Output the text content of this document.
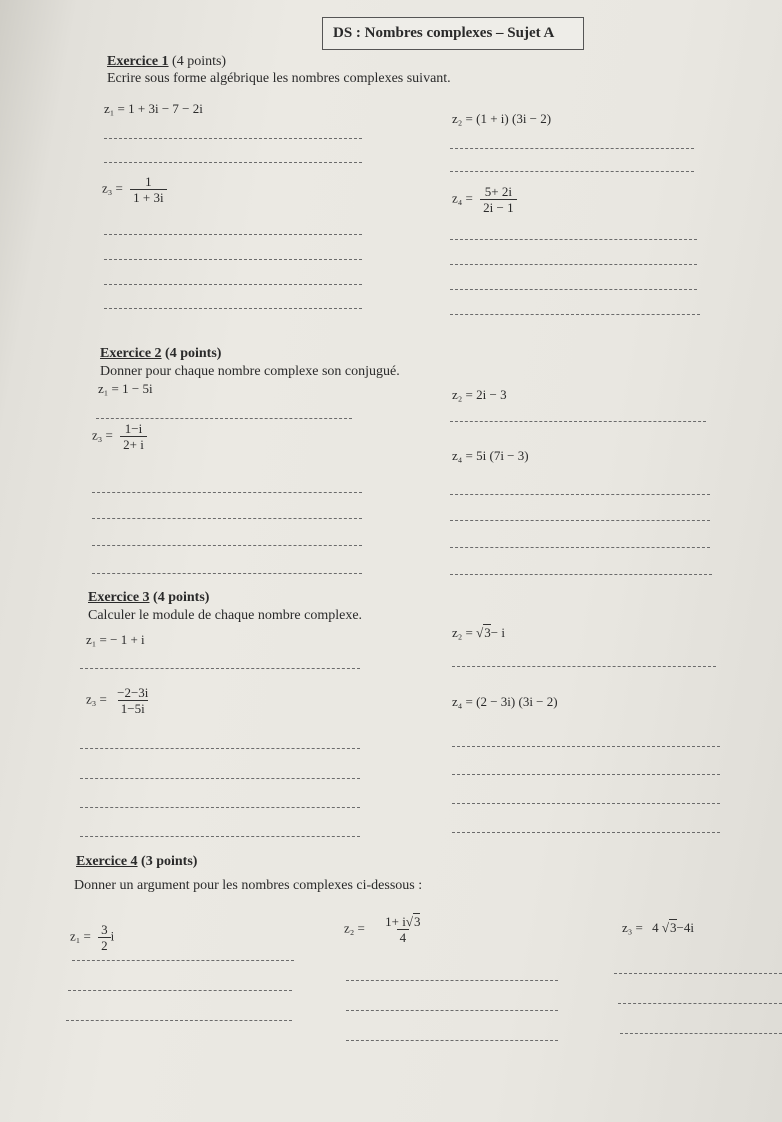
DS : Nombres complexes – Sujet A
Exercice 1 (4 points)
Ecrire sous forme algébrique les nombres complexes suivant.
z₁ = 1 + 3i − 7 − 2i
z₂ = (1 + i) (3i − 2)
$z_3 = \frac{1}{1 + 3i}$	$z_4 = \frac{5+ 2i}{2i - 1}$
Exercice 2 (4 points)
Donner pour chaque nombre complexe son conjugué.
z₁ = 1 − 5i	z₂ = 2i − 3
$z_3 = \frac{1-i}{2+ i}$
z₄ = 5i (7i − 3)
Exercice 3 (4 points)
Calculer le module de chaque nombre complexe.
z₁ = − 1 + i	z₂ = √3− i
$z_3 = \frac{-2-3i}{1-5i}$	z₄ = (2 − 3i) (3i − 2)
Exercice 4 (3 points)
Donner un argument pour les nombres complexes ci-dessous :
$z_1 = \frac{3}{2}$ i
$z_2 = \frac{1+ i√3}{4}$	z₃ = 4 √3−4i
